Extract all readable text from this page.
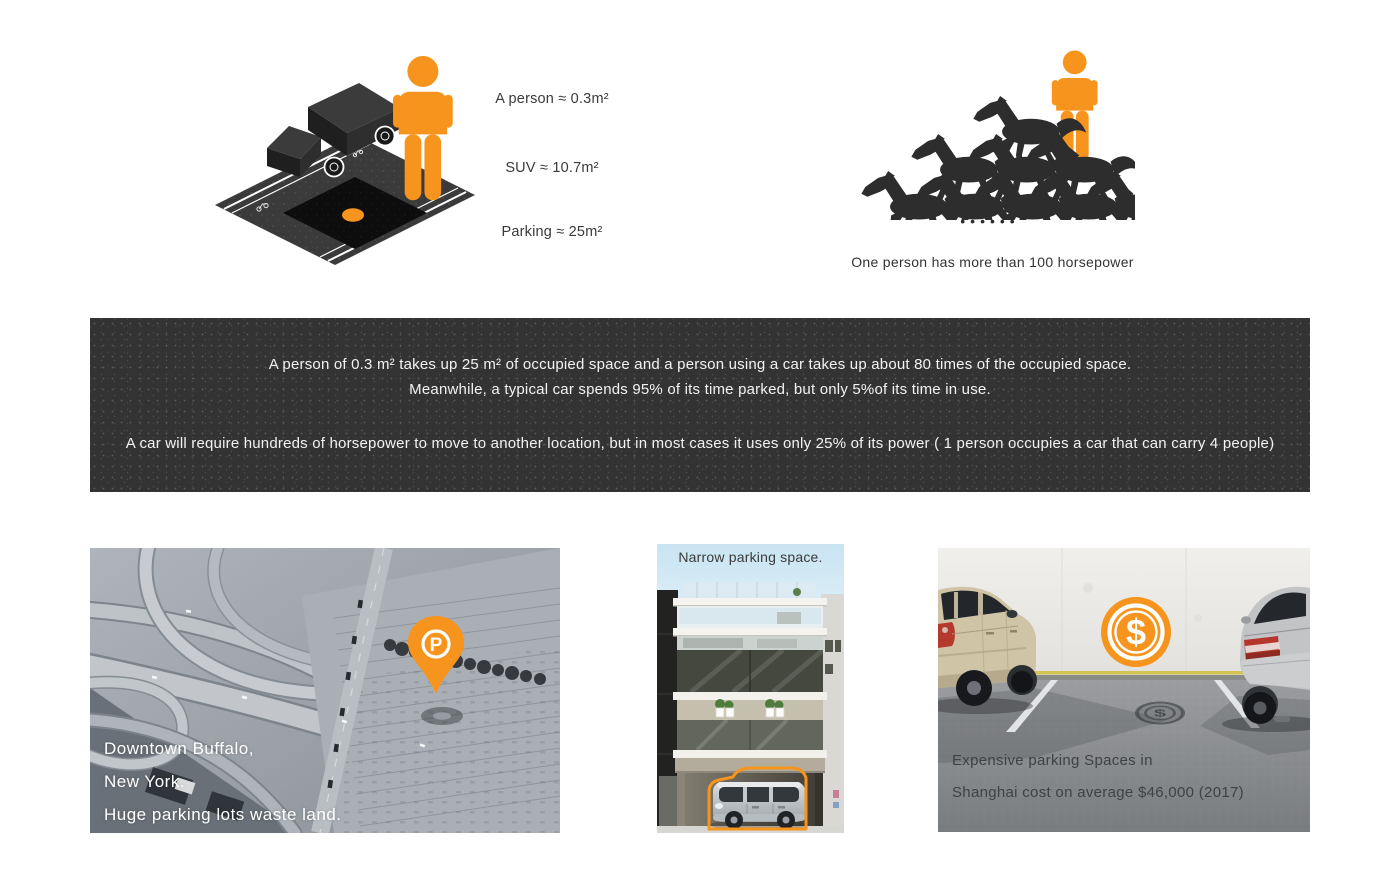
A person ≈ 0.3m²
SUV ≈ 10.7m²
Parking ≈ 25m²
••••••
One person has more than 100 horsepower

A person of 0.3 m² takes up 25 m² of occupied space and a person using a car takes up about 80 times of the occupied space.

Meanwhile, a typical car spends 95% of its time parked, but only 5%of its time in use.

A car will require hundreds of horsepower to move to another location, but in most cases it uses only 25% of its power ( 1 person occupies a car that can carry 4 people)

P
Downtown Buffalo,
New York.
Huge parking lots waste land.
Narrow parking space.
$
$
Expensive parking Spaces in
Shanghai cost on average $46,000 (2017)
